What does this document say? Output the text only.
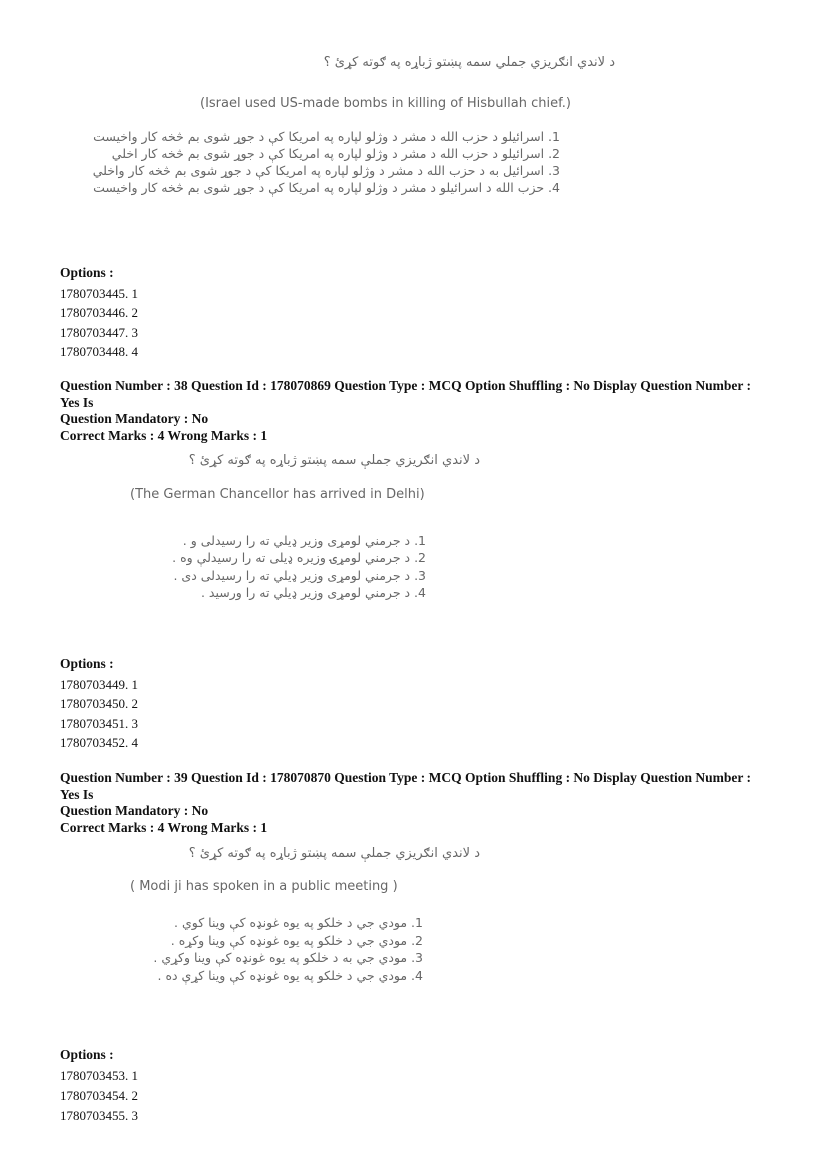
د لاندي انګریزي جملي سمه پښتو ژباړه په ګوته کړئ ؟
(Israel used US-made bombs in killing of Hisbullah chief.)
1. اسرائیلو د حزب الله د مشر د وژلو لپاره په امریکا کې د جوړ شوی بم څخه کار واخیست
2. اسرائیلو د حزب الله د مشر د وژلو لپاره په امریکا کې د جوړ شوی بم څخه کار اخلي
3. اسرائیل به د حزب الله د مشر د وژلو لپاره په امریکا کې د جوړ شوی بم څخه کار واخلي
4. حزب الله د اسرائیلو د مشر د وژلو لپاره په امریکا کې د جوړ شوی بم څخه کار واخیست
Options :
1780703445. 1
1780703446. 2
1780703447. 3
1780703448. 4
Question Number : 38 Question Id : 178070869 Question Type : MCQ Option Shuffling : No Display Question Number : Yes Is
Question Mandatory : No
Correct Marks : 4 Wrong Marks : 1
د لاندي انګریزي جملې سمه پښتو ژباړه په ګوته کړئ ؟
(The German Chancellor has arrived in Delhi)
1. د جرمني لومړی وزیر ډیلي ته را رسیدلی و .
2. د جرمني لومړۍ وزیره ډیلی ته را رسیدلې وه .
3. د جرمني لومړی وزیر ډیلي ته را رسیدلی دی .
4. د جرمني لومړی وزیر ډیلي ته را ورسید .
Options :
1780703449. 1
1780703450. 2
1780703451. 3
1780703452. 4
Question Number : 39 Question Id : 178070870 Question Type : MCQ Option Shuffling : No Display Question Number : Yes Is
Question Mandatory : No
Correct Marks : 4 Wrong Marks : 1
د لاندي انګریزي جملې سمه پښتو ژباړه په ګوته کړئ ؟
( Modi ji has spoken in a public meeting )
1. مودي جي د خلکو په یوه غونډه کې وینا کوي .
2. مودي جي د خلکو په یوه غونډه کې وینا وکړه .
3. مودي جي به د خلکو په یوه غونډه کې وینا وکړي .
4. مودي جي د خلکو په یوه غونډه کې وینا کړې ده .
Options :
1780703453. 1
1780703454. 2
1780703455. 3
